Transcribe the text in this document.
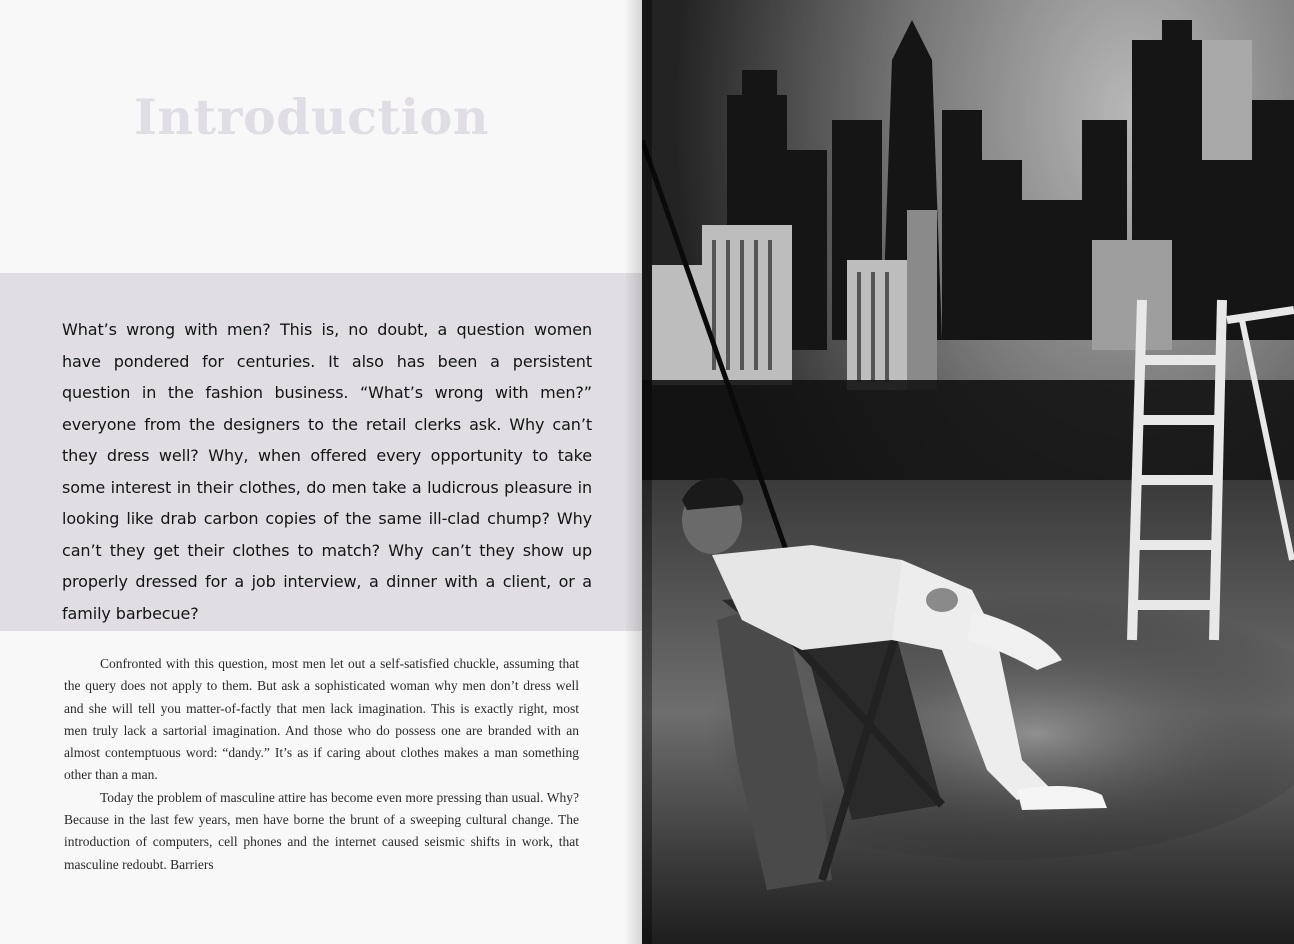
Introduction

What’s wrong with men? This is, no doubt, a question women have pondered for centuries. It also has been a persistent question in the fashion business. “What’s wrong with men?” everyone from the designers to the retail clerks ask. Why can’t they dress well? Why, when offered every opportunity to take some interest in their clothes, do men take a ludicrous pleasure in looking like drab carbon copies of the same ill-clad chump? Why can’t they get their clothes to match? Why can’t they show up properly dressed for a job interview, a dinner with a client, or a family barbecue?

Confronted with this question, most men let out a self-satisfied chuckle, assuming that the query does not apply to them. But ask a sophisticated woman why men don’t dress well and she will tell you matter-of-factly that men lack imagination. This is exactly right, most men truly lack a sartorial imagination. And those who do possess one are branded with an almost contemptuous word: “dandy.” It’s as if caring about clothes makes a man something other than a man.

Today the problem of masculine attire has become even more pressing than usual. Why? Because in the last few years, men have borne the brunt of a sweeping cultural change. The introduction of computers, cell phones and the internet caused seismic shifts in work, that masculine redoubt. Barriers
